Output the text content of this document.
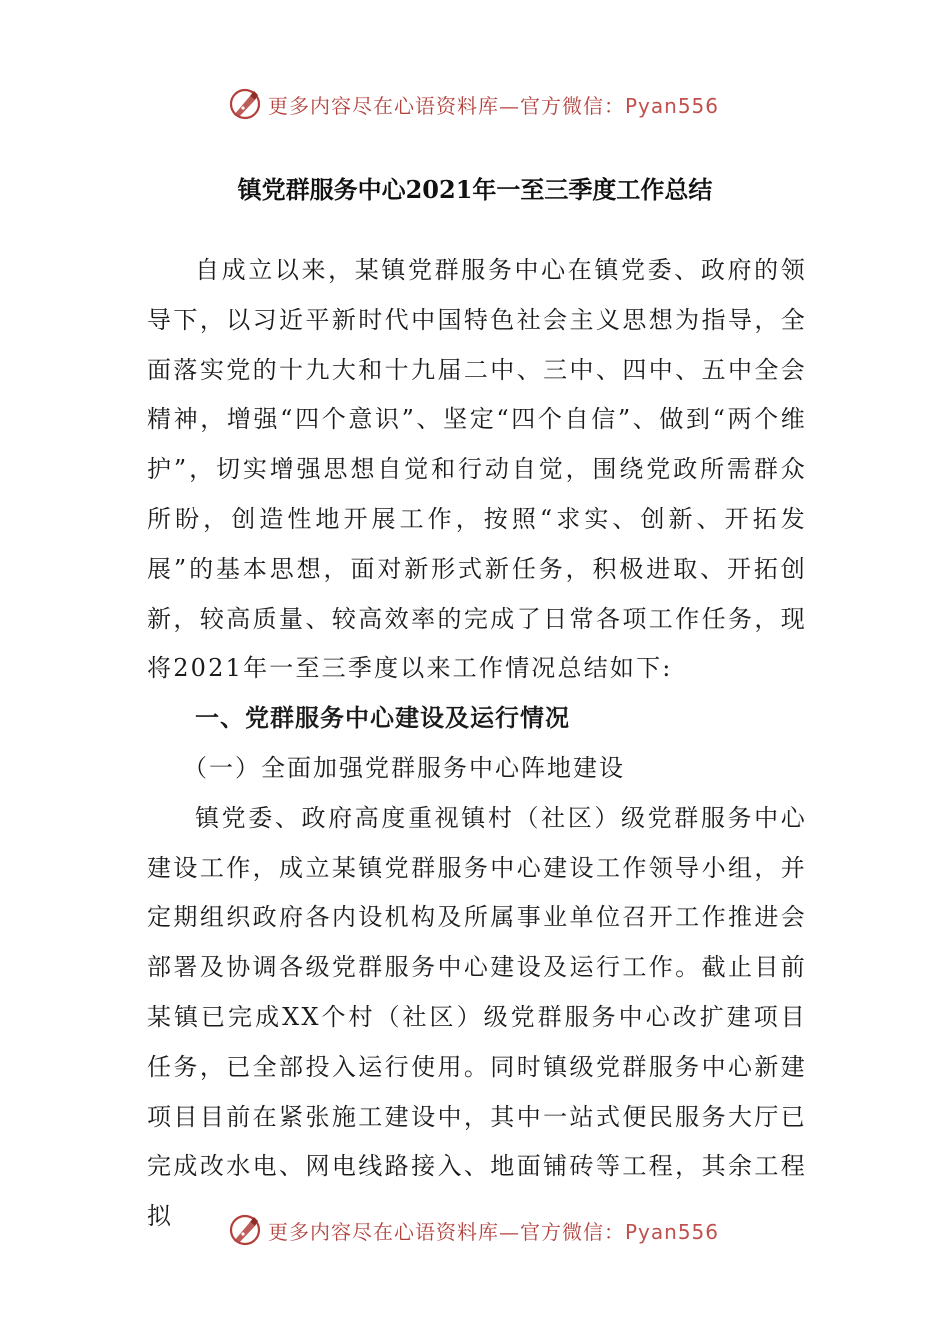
更多内容尽在心语资料库—官方微信：Pyan556
镇党群服务中心2021年一至三季度工作总结

自成立以来，某镇党群服务中心在镇党委、政府的领导下，以习近平新时代中国特色社会主义思想为指导，全面落实党的十九大和十九届二中、三中、四中、五中全会精神，增强“四个意识”、坚定“四个自信”、做到“两个维护”，切实增强思想自觉和行动自觉，围绕党政所需群众所盼，创造性地开展工作，按照“求实、创新、开拓发展”的基本思想，面对新形式新任务，积极进取、开拓创新，较高质量、较高效率的完成了日常各项工作任务，现将2021年一至三季度以来工作情况总结如下:

一、党群服务中心建设及运行情况

（一）全面加强党群服务中心阵地建设

镇党委、政府高度重视镇村（社区）级党群服务中心建设工作，成立某镇党群服务中心建设工作领导小组，并定期组织政府各内设机构及所属事业单位召开工作推进会部署及协调各级党群服务中心建设及运行工作。截止目前某镇已完成XX个村（社区）级党群服务中心改扩建项目任务，已全部投入运行使用。同时镇级党群服务中心新建项目目前在紧张施工建设中，其中一站式便民服务大厅已完成改水电、网电线路接入、地面铺砖等工程，其余工程拟

更多内容尽在心语资料库—官方微信：Pyan556
